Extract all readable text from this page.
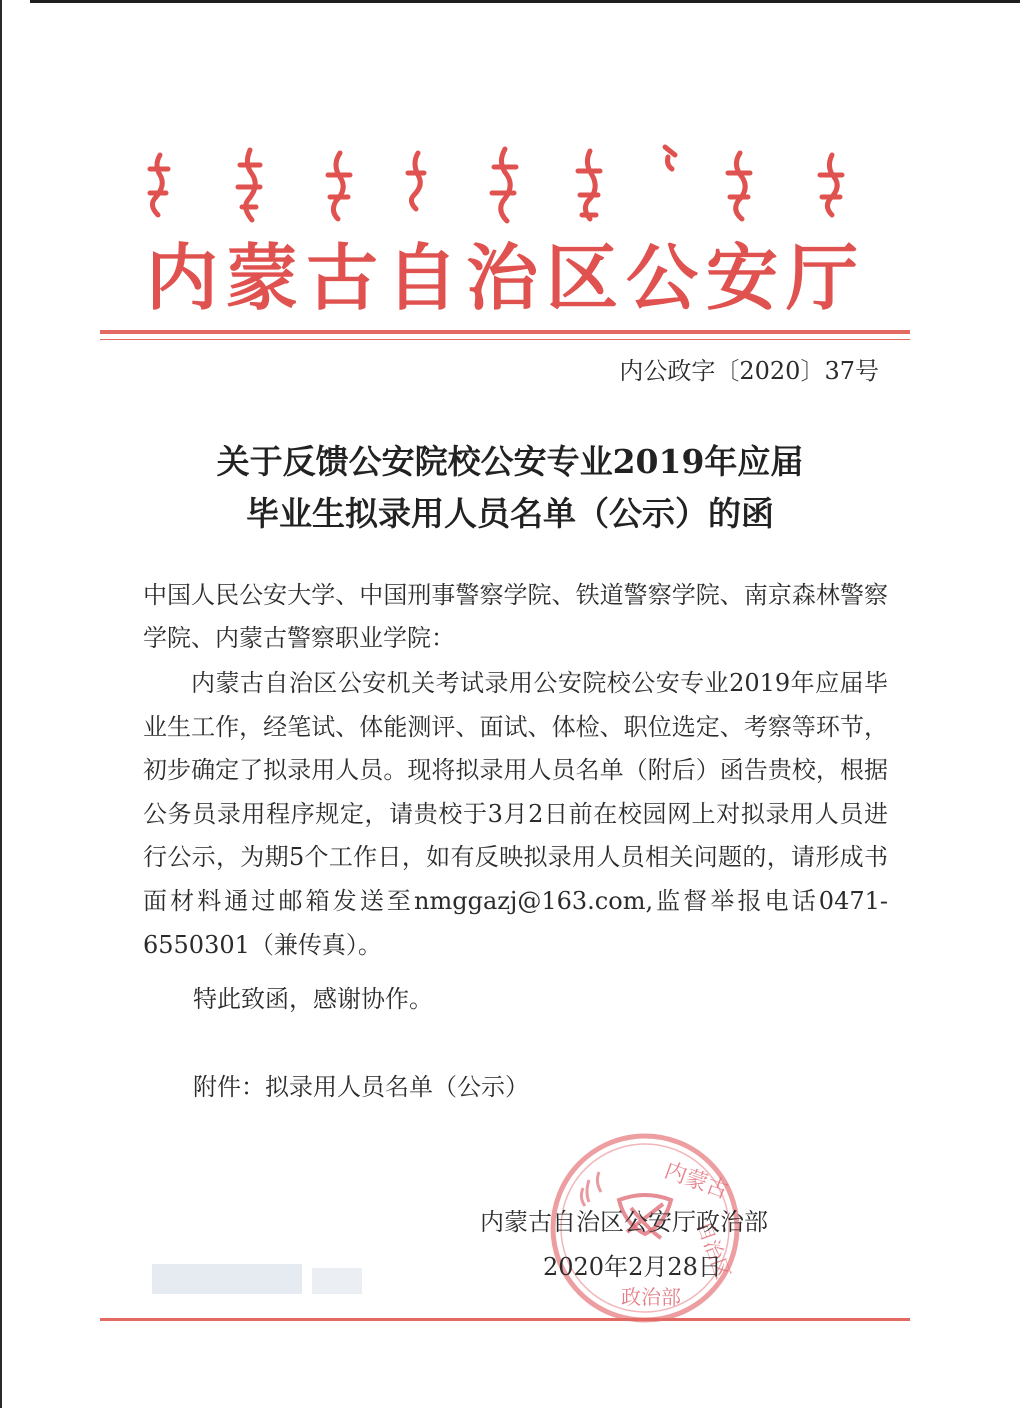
内蒙古自治区公安厅
内公政字〔2020〕37号
关于反馈公安院校公安专业2019年应届
毕业生拟录用人员名单（公示）的函
中国人民公安大学、中国刑事警察学院、铁道警察学院、南京森林警察学院、内蒙古警察职业学院：
内蒙古自治区公安机关考试录用公安院校公安专业2019年应届毕业生工作，经笔试、体能测评、面试、体检、职位选定、考察等环节，初步确定了拟录用人员。现将拟录用人员名单（附后）函告贵校，根据公务员录用程序规定，请贵校于3月2日前在校园网上对拟录用人员进行公示，为期5个工作日，如有反映拟录用人员相关问题的，请形成书面材料通过邮箱发送至nmggazj@163.com,监督举报电话0471-6550301（兼传真）。
特此致函，感谢协作。
附件：拟录用人员名单（公示）
内蒙古
自治区
政治部
内蒙古自治区公安厅政治部
2020年2月28日
